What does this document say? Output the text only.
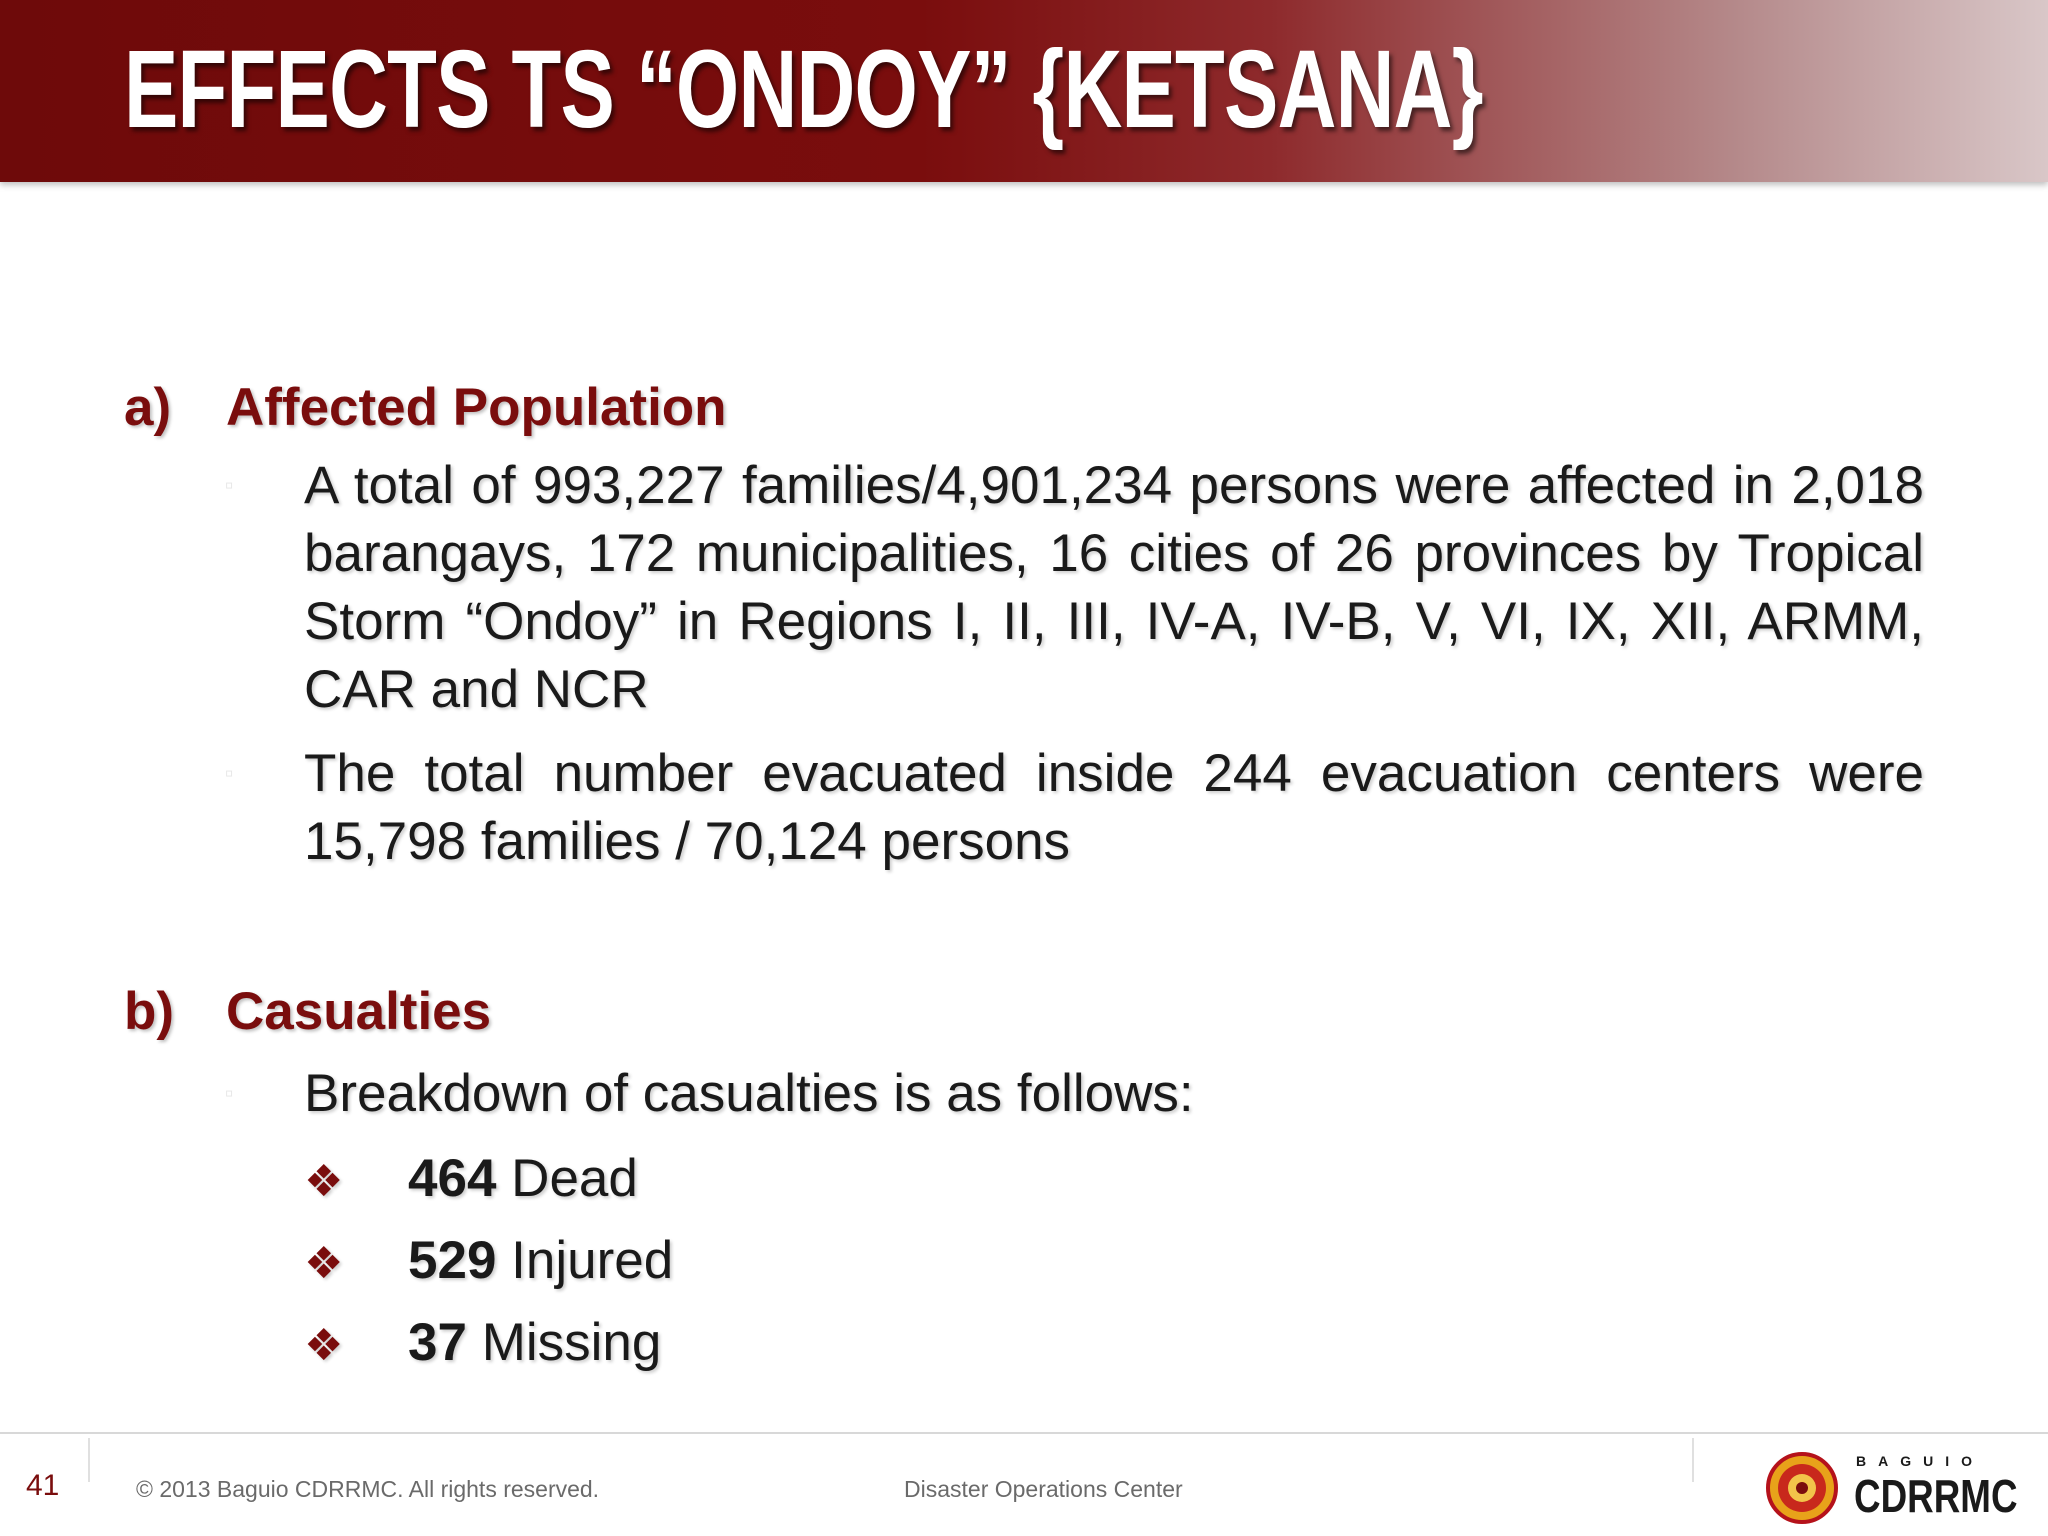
EFFECTS TS “ONDOY” {KETSANA}
a) Affected Population
▫ A total of 993,227 families/4,901,234 persons were affected in 2,018 barangays, 172 municipalities, 16 cities of 26 provinces by Tropical Storm “Ondoy” in Regions I, II, III, IV-A, IV-B, V, VI, IX, XII, ARMM, CAR and NCR

▫ The total number evacuated inside 244 evacuation centers were 15,798 families / 70,124 persons

b) Casualties
▫ Breakdown of casualties is as follows:

❖ 464 Dead
❖ 529 Injured
❖ 37 Missing
41	© 2013 Baguio CDRRMC. All rights reserved.	Disaster Operations Center
BAGUIO
CDRRMC
